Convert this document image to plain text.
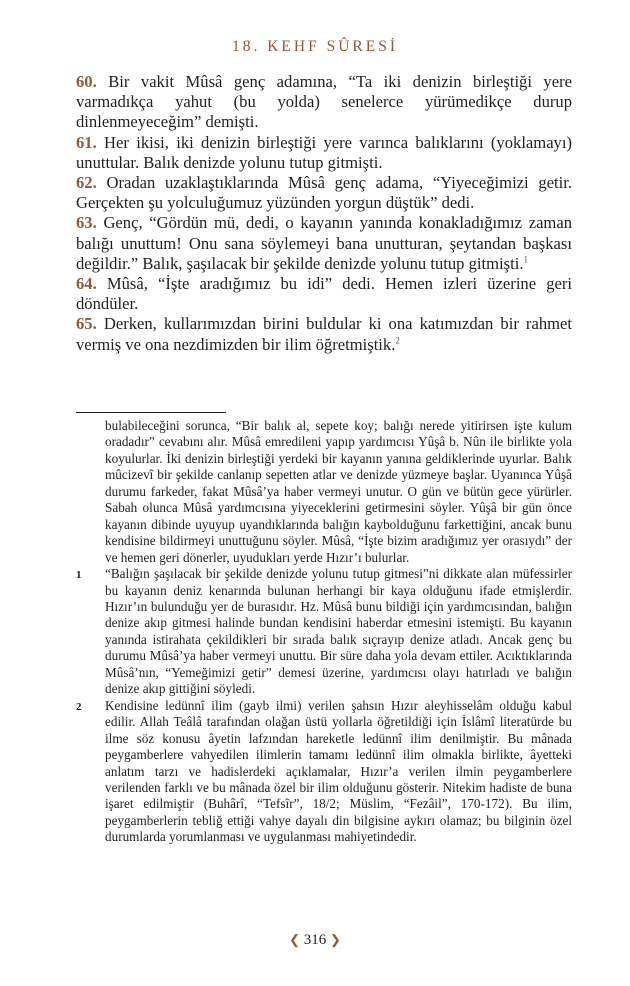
18. KEHF SÛRESİ

60. Bir vakit Mûsâ genç adamına, “Ta iki denizin birleştiği yere varmadıkça yahut (bu yolda) senelerce yürümedikçe durup dinlenmeyeceğim” demişti.

61. Her ikisi, iki denizin birleştiği yere varınca balıklarını (yoklamayı) unuttular. Balık denizde yolunu tutup gitmişti.

62. Oradan uzaklaştıklarında Mûsâ genç adama, “Yiyeceğimizi getir. Gerçekten şu yolculuğumuz yüzünden yorgun düştük” dedi.

63. Genç, “Gördün mü, dedi, o kayanın yanında konakladığımız zaman balığı unuttum! Onu sana söylemeyi bana unutturan, şeytandan başkası değildir.” Balık, şaşılacak bir şekilde denizde yolunu tutup gitmişti.$^1$

64. Mûsâ, “İşte aradığımız bu idi” dedi. Hemen izleri üzerine geri döndüler.

65. Derken, kullarımızdan birini buldular ki ona katımızdan bir rahmet vermiş ve ona nezdimizden bir ilim öğretmiştik.$^2$

bulabileceğini sorunca, “Bir balık al, sepete koy; balığı nerede yitirirsen işte kulum oradadır” cevabını alır. Mûsâ emredileni yapıp yardımcısı Yûşâ b. Nûn ile birlikte yola koyulurlar. İki denizin birleştiği yerdeki bir kayanın yanına geldiklerinde uyurlar. Balık mûcizevî bir şekilde canlanıp sepetten atlar ve denizde yüzmeye başlar. Uyanınca Yûşâ durumu farkeder, fakat Mûsâ’ya haber vermeyi unutur. O gün ve bütün gece yürürler. Sabah olunca Mûsâ yardımcısına yiyeceklerini getirmesini söyler. Yûşâ bir gün önce kayanın dibinde uyuyup uyandıklarında balığın kaybolduğunu farkettiğini, ancak bunu kendisine bildirmeyi unuttuğunu söyler. Mûsâ, “İşte bizim aradığımız yer orasıydı” der ve hemen geri dönerler, uyudukları yerde Hızır’ı bulurlar.
1	“Balığın şaşılacak bir şekilde denizde yolunu tutup gitmesi”ni dikkate alan müfessirler bu kayanın deniz kenarında bulunan herhangi bir kaya olduğunu ifade etmişlerdir. Hızır’ın bulunduğu yer de burasıdır. Hz. Mûsâ bunu bildiği için yardımcısından, balığın denize akıp gitmesi halinde bundan kendisini haberdar etmesini istemişti. Bu kayanın yanında istirahata çekildikleri bir sırada balık sıçrayıp denize atladı. Ancak genç bu durumu Mûsâ’ya haber vermeyi unuttu. Bir süre daha yola devam ettiler. Acıktıklarında Mûsâ’nın, “Yemeğimizi getir” demesi üzerine, yardımcısı olayı hatırladı ve balığın denize akıp gittiğini söyledi.
2	Kendisine ledünnî ilim (gayb ilmi) verilen şahsın Hızır aleyhisselâm olduğu kabul edilir. Allah Teâlâ tarafından olağan üstü yollarla öğretildiği için İslâmî literatürde bu ilme söz konusu âyetin lafzından hareketle ledünnî ilim denilmiştir. Bu mânada peygamberlere vahyedilen ilimlerin tamamı ledünnî ilim olmakla birlikte, âyetteki anlatım tarzı ve hadislerdeki açıklamalar, Hızır’a verilen ilmin peygamberlere verilenden farklı ve bu mânada özel bir ilim olduğunu gösterir. Nitekim hadiste de buna işaret edilmiştir (Buhârî, “Tefsîr”, 18/2; Müslim, “Fezâil”, 170-172). Bu ilim, peygamberlerin tebliğ ettiği vahye dayalı din bilgisine aykırı olamaz; bu bilginin özel durumlarda yorumlanması ve uygulanması mahiyetindedir.
❮ 316 ❯
